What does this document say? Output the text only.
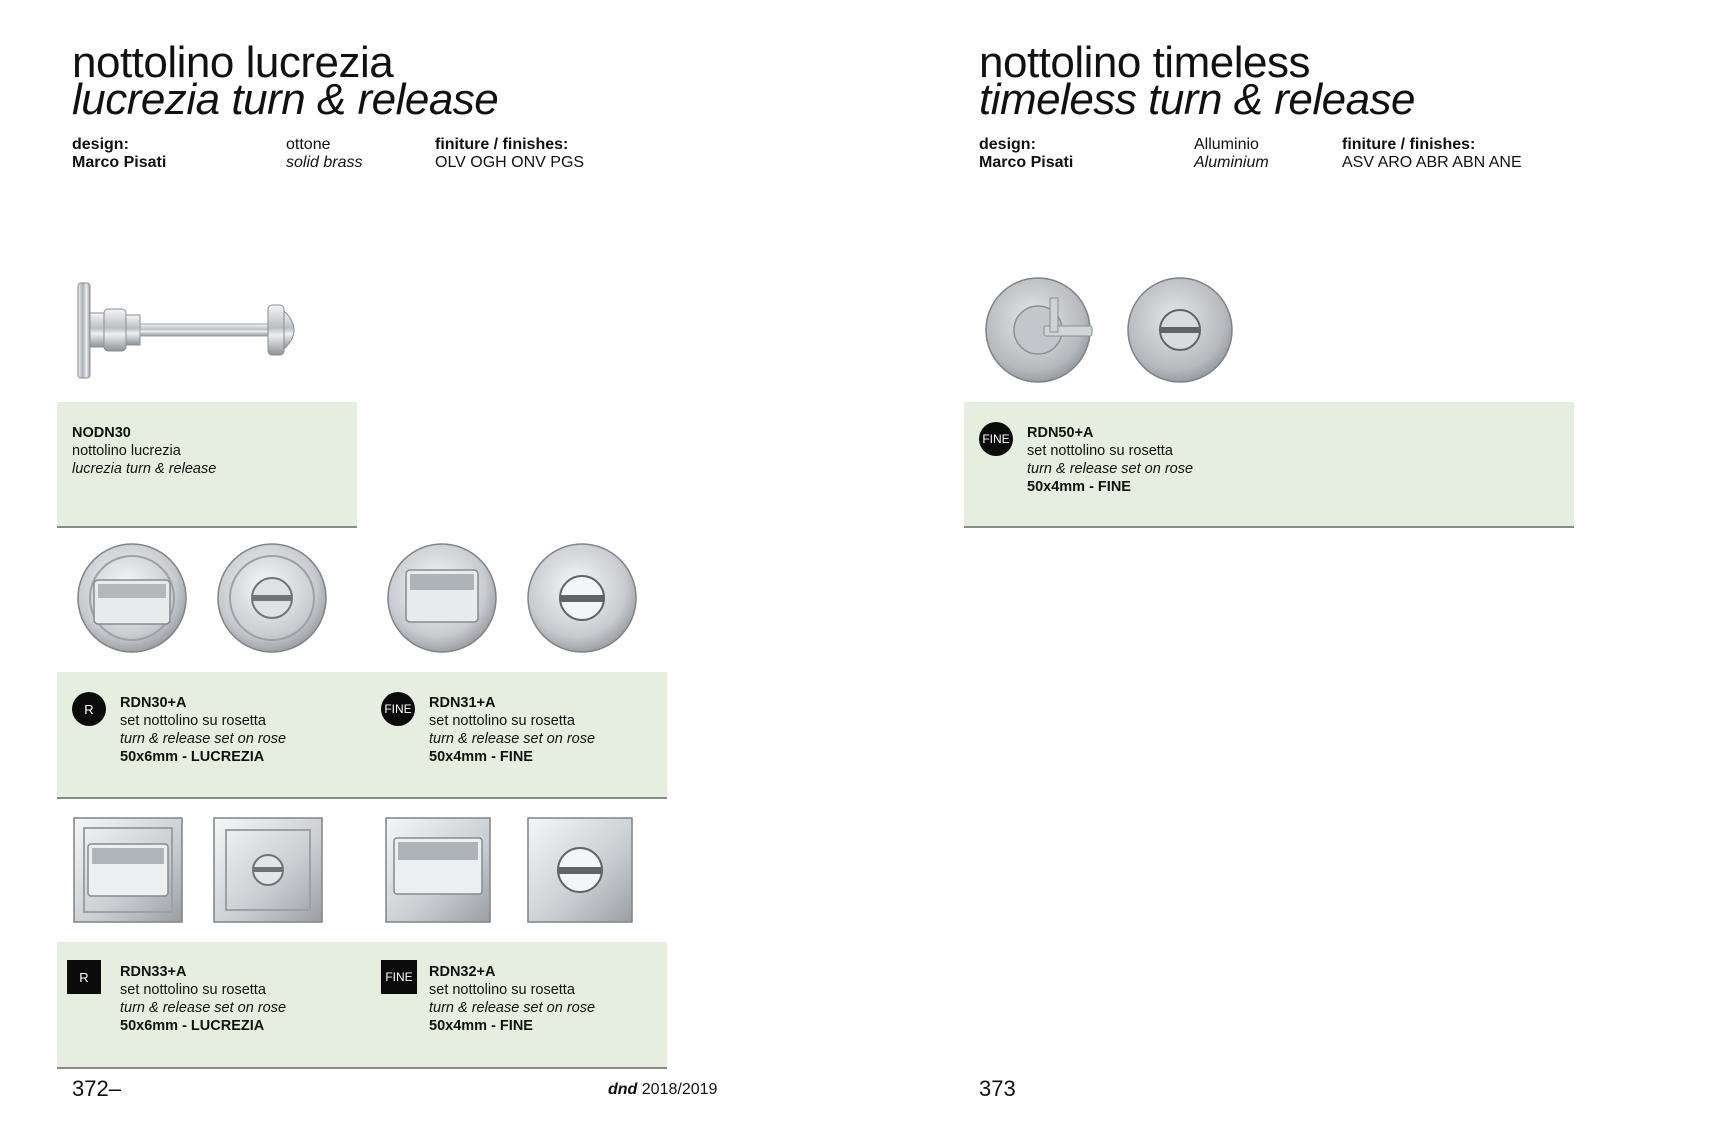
nottolino lucrezia
lucrezia turn & release
design:
Marco Pisati
ottone
solid brass
finiture / finishes:
OLV OGH ONV PGS
NODN30
nottolino lucrezia
lucrezia turn & release
R	RDN30+A
set nottolino su rosetta
turn & release set on rose
50x6mm - LUCREZIA
FINE RDN31+A
set nottolino su rosetta
turn & release set on rose
50x4mm - FINE
R	RDN33+A
set nottolino su rosetta
turn & release set on rose
50x6mm - LUCREZIA
FINE RDN32+A
set nottolino su rosetta
turn & release set on rose
50x4mm - FINE
372–	dnd 2018/2019
nottolino timeless
timeless turn & release
design:
Marco Pisati
Alluminio
Aluminium
finiture / finishes:
ASV ARO ABR ABN ANE
FINE RDN50+A
set nottolino su rosetta
turn & release set on rose
50x4mm - FINE
373
